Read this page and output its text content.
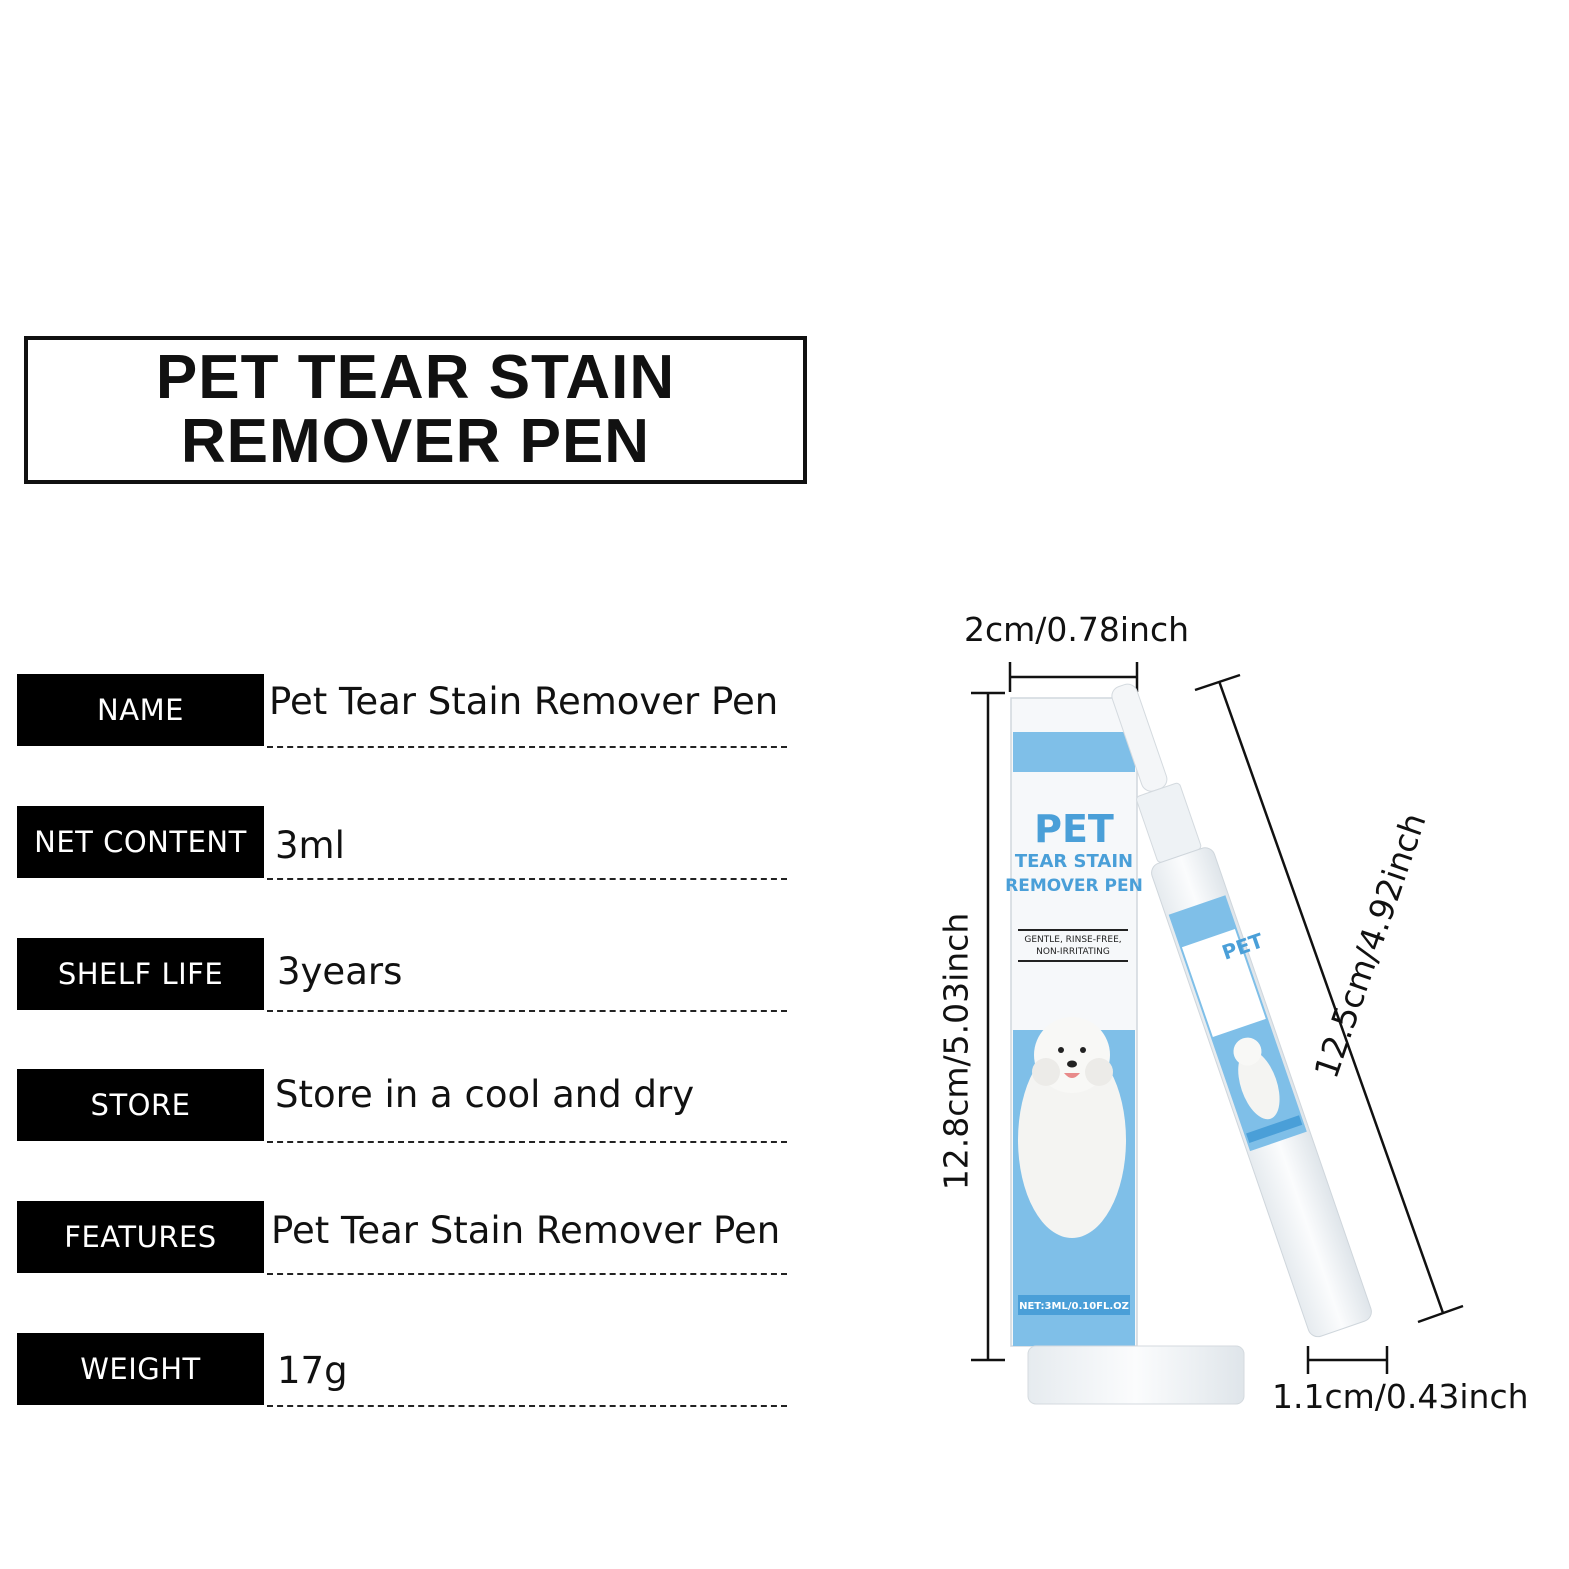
PET TEAR STAIN
REMOVER PEN
NAME	Pet Tear Stain Remover Pen
NET CONTENT 3ml
SHELF LIFE	3years
STORE	Store in a cool and dry
FEATURES	Pet Tear Stain Remover Pen
WEIGHT	17g
2cm/0.78inch
12.8cm/5.03inch	12.5cm/4.92inch
1.1cm/0.43inch
PET
TEAR STAIN
REMOVER PEN
GENTLE, RINSE-FREE,
NON-IRRITATING
NET:3ML/0.10FL.OZ
PET
